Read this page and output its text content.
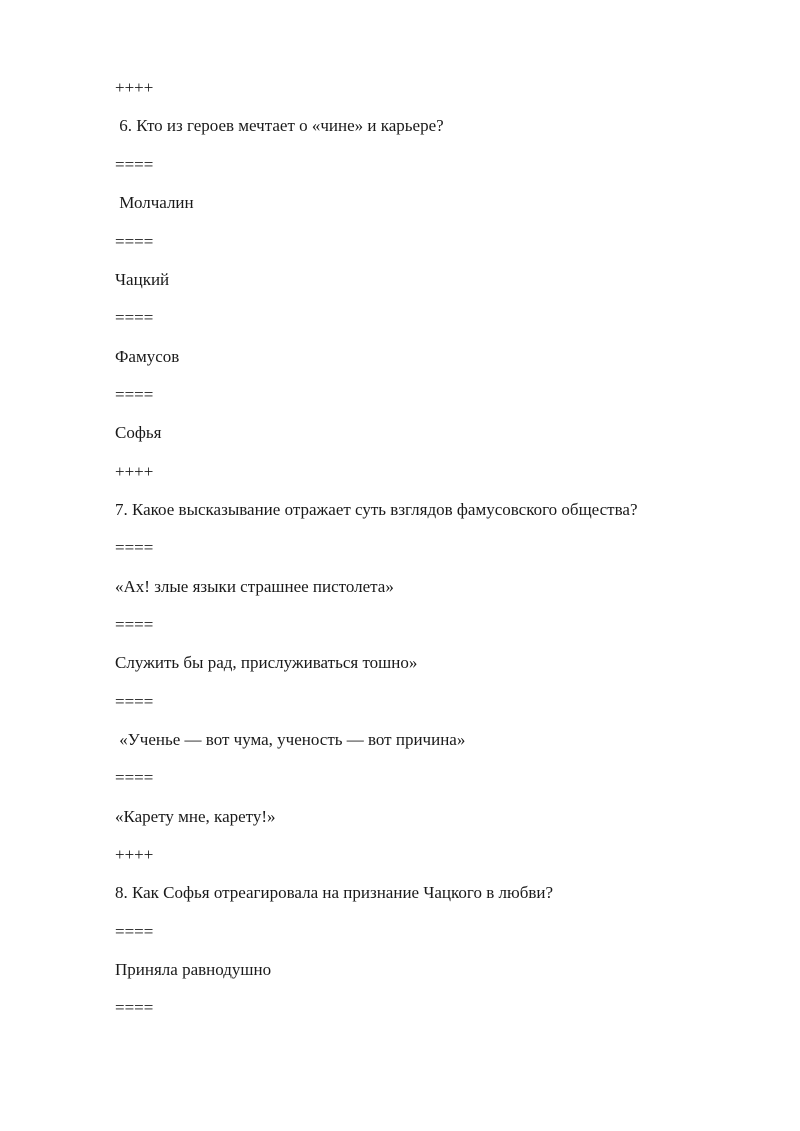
++++

6. Кто из героев мечтает о «чине» и карьере?

====

Молчалин

====

Чацкий

====

Фамусов

====

Софья

++++

7. Какое высказывание отражает суть взглядов фамусовского общества?

====

«Ах! злые языки страшнее пистолета»

====

Служить бы рад, прислуживаться тошно»

====

«Ученье — вот чума, ученость — вот причина»

====

«Карету мне, карету!»

++++

8. Как Софья отреагировала на признание Чацкого в любви?

====

Приняла равнодушно

====
